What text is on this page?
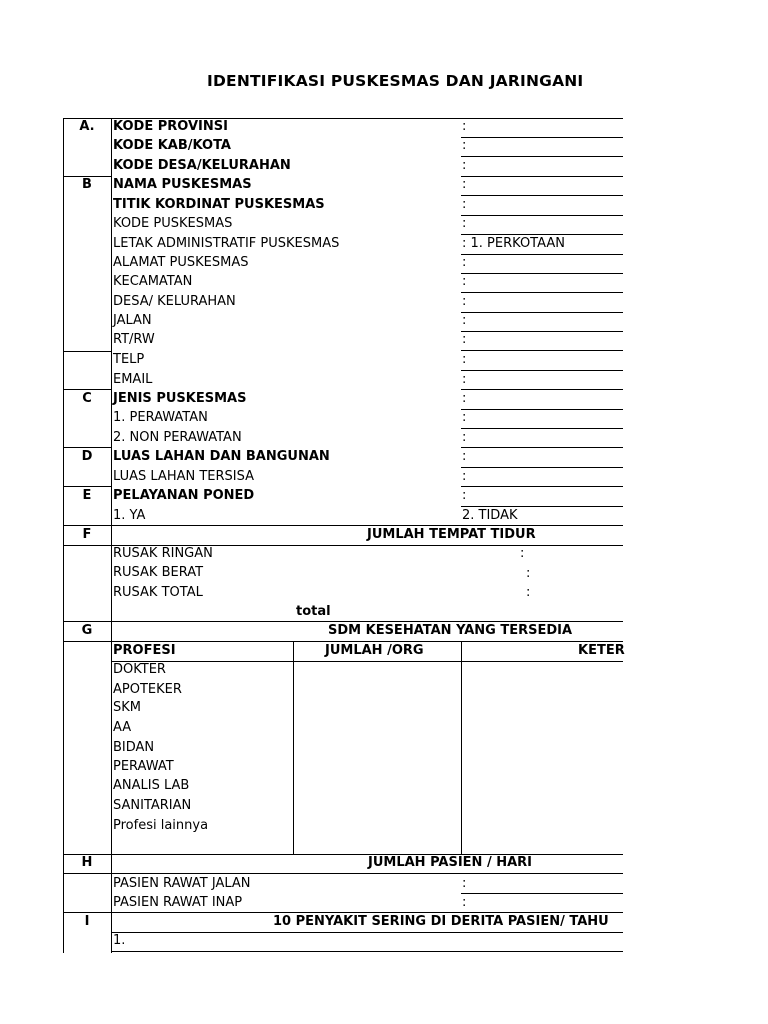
IDENTIFIKASI PUSKESMAS DAN JARINGANI
A.	KODE PROVINSI	:
KODE KAB/KOTA	:
KODE DESA/KELURAHAN	:
B	NAMA PUSKESMAS	:
TITIK KORDINAT PUSKESMAS	:
KODE PUSKESMAS	:
LETAK ADMINISTRATIF PUSKESMAS	: 1. PERKOTAAN
ALAMAT PUSKESMAS	:
KECAMATAN	:
DESA/ KELURAHAN	:
JALAN	:
RT/RW	:
TELP	:
EMAIL	:
C	JENIS PUSKESMAS	:
1. PERAWATAN	:
2. NON PERAWATAN	:
D	LUAS LAHAN DAN BANGUNAN	:
LUAS LAHAN TERSISA	:
E	PELAYANAN PONED	:
1. YA	2. TIDAK
F	JUMLAH TEMPAT TIDUR
RUSAK RINGAN	:
RUSAK BERAT	:
RUSAK TOTAL	:
total
G	SDM KESEHATAN YANG TERSEDIA
PROFESI	JUMLAH /ORG	KETER
DOKTER
APOTEKER
SKM
AA
BIDAN
PERAWAT
ANALIS LAB
SANITARIAN
Profesi lainnya
H	JUMLAH PASIEN / HARI
PASIEN RAWAT JALAN	:
PASIEN RAWAT INAP	:
I	10 PENYAKIT SERING DI DERITA PASIEN/ TAHU
1.
